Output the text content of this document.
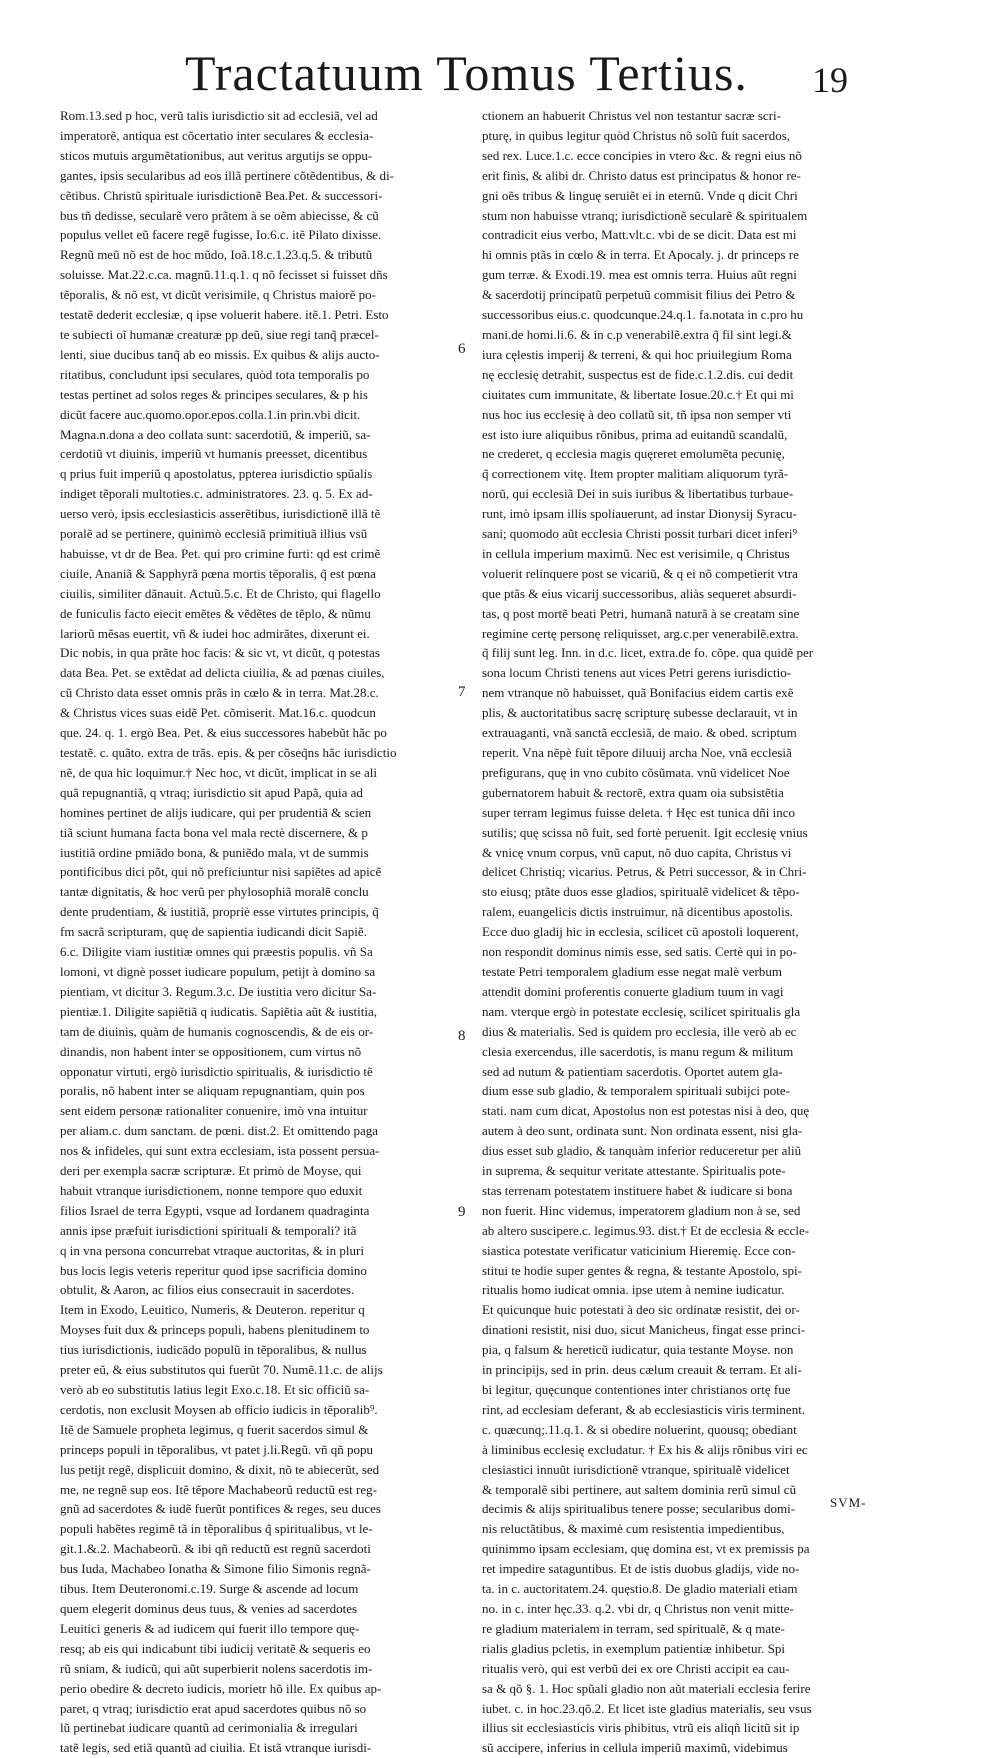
Tractatuum Tomus Tertius. 19
Rom.13.sed p hoc, verũ talis iurisdictio sit ad ecclesiã, vel ad
imperatorẽ, antiqua est cõcertatio inter seculares & ecclesia-
sticos mutuis argumẽtationibus, aut veritus argutijs se oppu-
gantes, ipsis secularibus ad eos illã pertinere cõtẽdentibus, & di-
cẽtibus. Christũ spirituale iurisdictionẽ Bea.Pet. & successori-
bus tñ dedisse, secularẽ vero prãtem à se oẽm abiecisse, & cũ
populus vellet eũ facere regẽ fugisse, Io.6.c. itẽ Pilato dixisse.
Regnũ meũ nõ est de hoc mũdo, Ioã.18.c.1.23.q.5. & tributũ
soluisse. Mat.22.c.ca. magnũ.11.q.1. q nõ fecisset si fuisset dñs
tẽporalis, & nõ est, vt dicũt verisimile, q Christus maiorẽ po-
testatẽ dederit ecclesiæ, q ipse voluerit habere. itẽ.1. Petri. Esto
te subiecti oĩ humanæ creaturæ pp deũ, siue regi tanq̃ præcel-
lenti, siue ducibus tanq̃ ab eo missis. Ex quibus & alijs aucto-
ritatibus, concludunt ipsi seculares, quòd tota temporalis po
testas pertinet ad solos reges & principes seculares, & p his
dicũt facere auc.quomo.opor.epos.colla.1.in prin.vbi dicit.
Magna.n.dona a deo collata sunt: sacerdotiũ, & imperiũ, sa-
cerdotiũ vt diuinis, imperiũ vt humanis preesset, dicentibus
q prius fuit imperiũ q apostolatus, ppterea iurisdictio spũalis
indiget tẽporali multoties.c. administratores. 23. q. 5. Ex ad-
uerso verò, ipsis ecclesiasticis asserẽtibus, iurisdictionẽ illã tẽ
poralẽ ad se pertinere, quinimò ecclesiã primitiuã illius vsũ
habuisse, vt dr de Bea. Pet. qui pro crimine furti: qd est crimẽ
ciuile, Ananiã & Sapphyrã pœna mortis tẽporalis, q̃ est pœna
ciuilis, similiter dãnauit. Actuũ.5.c. Et de Christo, qui flagello
de funiculis facto eiecit emẽtes & vẽdẽtes de tẽplo, & nũmu
lariorũ mẽsas euertit, vñ & iudei hoc admirãtes, dixerunt ei.
Dic nobis, in qua prãte hoc facis: & sic vt, vt dicũt, q potestas
data Bea. Pet. se extẽdat ad delicta ciuilia, & ad pœnas ciuiles,
cũ Christo data esset omnis prãs in cœlo & in terra. Mat.28.c.
& Christus vices suas eidẽ Pet. cõmiserit. Mat.16.c. quodcun
que. 24. q. 1. ergò Bea. Pet. & eius successores habebũt hãc po
testatẽ. c. quãto. extra de trãs. epis. & per cõseq̃ns hãc iurisdictio
nẽ, de qua hic loquimur.† Nec hoc, vt dicũt, implicat in se ali
quã repugnantiã, q vtraq; iurisdictio sit apud Papã, quia ad
homines pertinet de alijs iudicare, qui per prudentiã & scien
tiã sciunt humana facta bona vel mala rectè discernere, & p
iustitiã ordine pmiãdo bona, & puniẽdo mala, vt de summis
pontificibus dici põt, qui nõ preficiuntur nisi sapiẽtes ad apicẽ
tantæ dignitatis, & hoc verũ per phylosophiã moralẽ conclu
dente prudentiam, & iustitiã, propriè esse virtutes principis, q̃
fm sacrã scripturam, quę de sapientia iudicandi dicit Sapiẽ.
6.c. Diligite viam iustitiæ omnes qui præestis populis. vñ Sa
lomoni, vt dignè posset iudicare populum, petijt à domino sa
pientiam, vt dicitur 3. Regum.3.c. De iustitia vero dicitur Sa-
pientiæ.1. Diligite sapiẽtiã q iudicatis. Sapiẽtia aũt & iustitia,
tam de diuinis, quàm de humanis cognoscendis, & de eis or-
dinandis, non habent inter se oppositionem, cum virtus nõ
opponatur virtuti, ergò iurisdictio spiritualis, & iurisdictio tẽ
poralis, nõ habent inter se aliquam repugnantiam, quin pos
sent eidem personæ rationaliter conuenire, imò vna intuitur
per aliam.c. dum sanctam. de pœni. dist.2. Et omittendo paga
nos & infideles, qui sunt extra ecclesiam, ista possent persua-
deri per exempla sacræ scripturæ. Et primò de Moyse, qui
habuit vtranque iurisdictionem, nonne tempore quo eduxit
filios Israel de terra Egypti, vsque ad Iordanem quadraginta
annis ipse præfuit iurisdictioni spirituali & temporali? itã
q in vna persona concurrebat vtraque auctoritas, & in pluri
bus locis legis veteris reperitur quod ipse sacrificia domino
obtulit, & Aaron, ac filios eius consecrauit in sacerdotes.
Item in Exodo, Leuitico, Numeris, & Deuteron. reperitur q
Moyses fuit dux & princeps populi, habens plenitudinem to
tius iurisdictionis, iudicādo populũ in tẽporalibus, & nullus
preter eũ, & eius substitutos qui fuerũt 70. Numẽ.11.c. de alijs
verò ab eo substitutis latius legit Exo.c.18. Et sic officiũ sa-
cerdotis, non exclusit Moysen ab officio iudicis in tẽporalib⁹.
Itẽ de Samuele propheta legimus, q fuerit sacerdos simul &
princeps populi in tẽporalibus, vt patet j.li.Regũ. vñ qñ popu
lus petijt regẽ, displicuit domino, & dixit, nõ te abiecerũt, sed
me, ne regnẽ sup eos. Itẽ tẽpore Machabeorũ reductũ est reg-
gnũ ad sacerdotes & iudẽ fuerũt pontifices & reges, seu duces
populi habẽtes regimẽ tã in tẽporalibus q̃ spiritualibus, vt le-
git.1.&.2. Machabeorũ. & ibi qñ reductũ est regnũ sacerdoti
bus Iuda, Machabeo Ionatha & Simone filio Simonis regnã-
tibus. Item Deuteronomi.c.19. Surge & ascende ad locum
quem elegerit dominus deus tuus, & venies ad sacerdotes
Leuitici generis & ad iudicem qui fuerit illo tempore quę-
resq; ab eis qui indicabunt tibi iudicij veritatẽ & sequeris eo
rũ sniam, & iudicũ, qui aũt superbierit nolens sacerdotis im-
perio obedire & decreto iudicis, morietr hõ ille. Ex quibus ap-
paret, q vtraq; iurisdictio erat apud sacerdotes quibus nõ so
lũ pertinebat iudicare quantũ ad cerimonialia & irregulari
tatẽ legis, sed etiã quantũ ad ciuilia. Et istã vtranque iurisdi-
ctionem an habuerit Christus vel non testantur sacræ scri-
pturę, in quibus legitur quòd Christus nõ solũ fuit sacerdos,
sed rex. Luce.1.c. ecce concipies in vtero &c. & regni eius nõ
erit finis, & alibi dr. Christo datus est principatus & honor re-
gni oẽs tribus & linguę seruiẽt ei in eternũ. Vnde q dicit Chri
stum non habuisse vtranq; iurisdictionẽ secularẽ & spiritualem
contradicit eius verbo, Matt.vlt.c. vbi de se dicit. Data est mi
hi omnis ptãs in cœlo & in terra. Et Apocaly. j. dr princeps re
gum terræ. & Exodi.19. mea est omnis terra. Huius aũt regni
& sacerdotij principatũ perpetuũ commisit filius dei Petro &
successoribus eius.c. quodcunque.24.q.1. fa.notata in c.pro hu
mani.de homi.li.6. & in c.p venerabilẽ.extra q̃ fil sint legi.&
iura cęlestis imperij & terreni, & qui hoc priuilegium Roma
nę ecclesię detrahit, suspectus est de fide.c.1.2.dis. cui dedit
ciuitates cum immunitate, & libertate Iosue.20.c.† Et qui mi
nus hoc ius ecclesię à deo collatũ sit, tñ ipsa non semper vti
est isto iure aliquibus rõnibus, prima ad euitandũ scandalũ,
ne crederet, q ecclesia magis quęreret emolumẽta pecunię,
q̃ correctionem vitę. Item propter malitiam aliquorum tyrã-
norũ, qui ecclesiã Dei in suis iuribus & libertatibus turbaue-
runt, imò ipsam illis spoliauerunt, ad instar Dionysij Syracu-
sani; quomodo aũt ecclesia Christi possit turbari dicet inferi⁹
in cellula imperium maximũ. Nec est verisimile, q Christus
voluerit relinquere post se vicariũ, & q ei nõ competierit vtra
que ptãs & eius vicarij successoribus, aliàs sequeret absurdi-
tas, q post mortẽ beati Petri, humanã naturã à se creatam sine
regimine certę personę reliquisset, arg.c.per venerabilẽ.extra.
q̃ filij sunt leg. Inn. in d.c. licet, extra.de fo. cõpe. qua quidẽ per
sona locum Christi tenens aut vices Petri gerens iurisdictio-
nem vtranque nõ habuisset, quã Bonifacius eidem cartis exẽ
plis, & auctoritatibus sacrę scripturę subesse declarauit, vt in
extrauaganti, vnã sanctã ecclesiã, de maio. & obed. scriptum
reperit. Vna nẽpè fuit tẽpore diluuij archa Noe, vnã ecclesiã
prefigurans, quę in vno cubito cõsũmata. vnũ videlicet Noe
gubernatorem habuit & rectorẽ, extra quam oia subsistẽtia
super terram legimus fuisse deleta. † Hęc est tunica dñi inco
sutilis; quę scissa nõ fuit, sed fortè peruenit. Igit ecclesię vnius
& vnicę vnum corpus, vnũ caput, nõ duo capita, Christus vi
delicet Christiq; vicarius. Petrus, & Petri successor, & in Chri-
sto eiusq; ptãte duos esse gladios, spiritualẽ videlicet & tẽpo-
ralem, euangelicis dictis instruimur, nã dicentibus apostolis.
Ecce duo gladij hic in ecclesia, scilicet cũ apostoli loquerent,
non respondit dominus nimis esse, sed satis. Certè qui in po-
testate Petri temporalem gladium esse negat malè verbum
attendit domini proferentis conuerte gladium tuum in vagi
nam. vterque ergò in potestate ecclesię, scilicet spiritualis gla
dius & materialis. Sed is quidem pro ecclesia, ille verò ab ec
clesia exercendus, ille sacerdotis, is manu regum & militum
sed ad nutum & patientiam sacerdotis. Oportet autem gla-
dium esse sub gladio, & temporalem spirituali subijci pote-
stati. nam cum dicat, Apostolus non est potestas nisi à deo, quę
autem à deo sunt, ordinata sunt. Non ordinata essent, nisi gla-
dius esset sub gladio, & tanquàm inferior reduceretur per aliũ
in suprema, & sequitur veritate attestante. Spiritualis pote-
stas terrenam potestatem instituere habet & iudicare si bona
non fuerit. Hinc videmus, imperatorem gladium non à se, sed
ab altero suscipere.c. legimus.93. dist.† Et de ecclesia & eccle-
siastica potestate verificatur vaticinium Hieremię. Ecce con-
stitui te hodie super gentes & regna, & testante Apostolo, spi-
ritualis homo iudicat omnia. ipse utem à nemine iudicatur.
Et quicunque huic potestati à deo sic ordinatæ resistit, dei or-
dinationi resistit, nisi duo, sicut Manicheus, fingat esse princi-
pia, q falsum & hereticũ iudicatur, quia testante Moyse. non
in principijs, sed in prin. deus cælum creauit & terram. Et ali-
bi legitur, quęcunque contentiones inter christianos ortę fue
rint, ad ecclesiam deferant, & ab ecclesiasticis viris terminent.
c. quæcunq;.11.q.1. & si obedire noluerint, quousq; obediant
à liminibus ecclesię excludatur. † Ex his & alijs rõnibus viri ec
clesiastici innuũt iurisdictionẽ vtranque, spiritualẽ videlicet
& temporalẽ sibi pertinere, aut saltem dominia rerũ simul cũ
decimis & alijs spiritualibus tenere posse; secularibus domi-
nis reluctãtibus, & maximè cum resistentia impedientibus,
quinimmo ipsam ecclesiam, quę domina est, vt ex premissis pa
ret impedire sataguntibus. Et de istis duobus gladijs, vide no-
ta. in c. auctoritatem.24. quęstio.8. De gladio materiali etiam
no. in c. inter hęc.33. q.2. vbi dr, q Christus non venit mitte-
re gladium materialem in terram, sed spiritualẽ, & q mate-
rialis gladius pcletis, in exemplum patientiæ inhibetur. Spi
ritualis verò, qui est verbũ dei ex ore Christi accipit ea cau-
sa & qõ §. 1. Hoc spũali gladio non aũt materiali ecclesia ferire
iubet. c. in hoc.23.qõ.2. Et licet iste gladius materialis, seu vsus
illius sit ecclesiasticis viris phibitus, vtrũ eis aliqñ licitũ sit ip
sũ accipere, inferius in cellula imperiũ maximũ, videbimus
6
7
8
9
SVM-
